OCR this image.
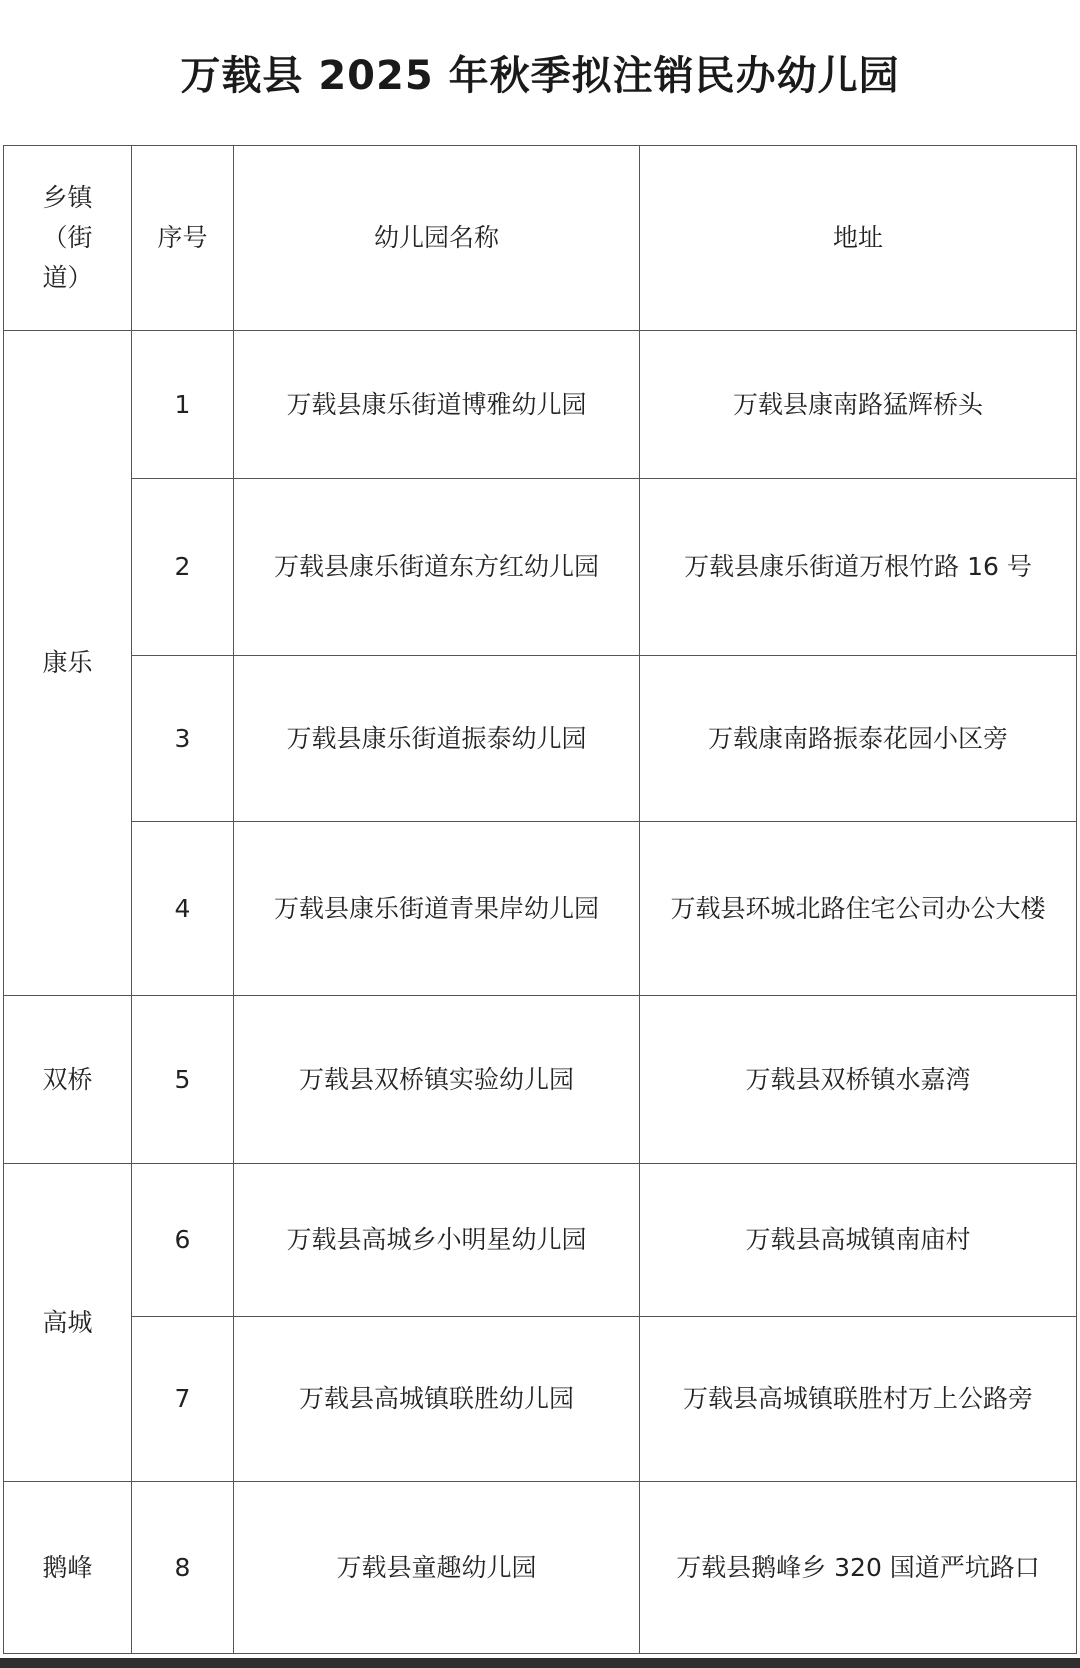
万载县 2025 年秋季拟注销民办幼儿园
乡镇（街道）	序号	幼儿园名称	地址
康乐	1	万载县康乐街道博雅幼儿园	万载县康南路猛辉桥头
	2	万载县康乐街道东方红幼儿园	万载县康乐街道万根竹路 16 号
	3	万载县康乐街道振泰幼儿园	万载康南路振泰花园小区旁
	4	万载县康乐街道青果岸幼儿园	万载县环城北路住宅公司办公大楼
双桥	5	万载县双桥镇实验幼儿园	万载县双桥镇水嘉湾
高城	6	万载县高城乡小明星幼儿园	万载县高城镇南庙村
	7	万载县高城镇联胜幼儿园	万载县高城镇联胜村万上公路旁
鹅峰	8	万载县童趣幼儿园	万载县鹅峰乡 320 国道严坑路口
